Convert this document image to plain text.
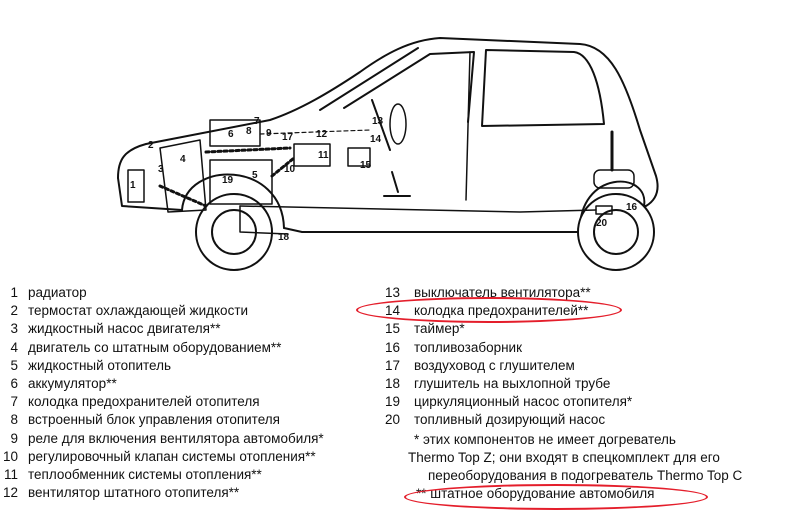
1
2
3
4
5
6
7
8 9
10
11
12
13
14
15
16
17
18
19
20
1 радиатор
2 термостат охлаждающей жидкости
3 жидкостный насос двигателя**
4 двигатель со штатным оборудованием**
5 жидкостный отопитель
6 аккумулятор**
7 колодка предохранителей отопителя
8 встроенный блок управления отопителя
9 реле для включения вентилятора автомобиля*
10 регулировочный клапан системы отопления**
11 теплообменник системы отопления**
12 вентилятор штатного отопителя**
13 выключатель вентилятора**
14 колодка предохранителей**
15 таймер*
16 топливозаборник
17 воздуховод с глушителем
18 глушитель на выхлопной трубе
19 циркуляционный насос отопителя*
20 топливный дозирующий насос
* этих компонентов не имеет догреватель
Thermo Top Z; они входят в спецкомплект для его
переоборудования в подогреватель Thermo Top C
** штатное оборудование автомобиля
